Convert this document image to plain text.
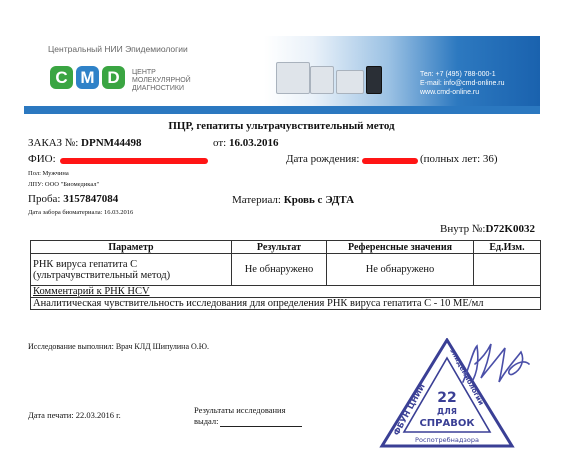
Центральный НИИ Эпидемиологии
C M D	ЦЕНТР
МОЛЕКУЛЯРНОЙ
ДИАГНОСТИКИ
Тел: +7 (495) 788-000-1
E-mail: info@cmd-online.ru
www.cmd-online.ru
ПЦР, гепатиты ультрачувствительный метод
ЗАКАЗ №: DPNM44498	от: 16.03.2016
ФИО:	Дата рождения:	(полных лет: 36)
Пол: Мужчина
ЛПУ: ООО "Биомедикал"
Проба: 3157847084	Материал: Кровь с ЭДТА
Дата забора биоматериала: 16.03.2016
Внутр №:D72K0032
Параметр	Результат	Референсные значения	Ед.Изм.

РНК вируса гепатита С
(ультрачувствительный метод)	Не обнаружено	Не обнаружено	
Комментарий к РНК HCV			
Аналитическая чувствительность исследования для определения РНК вируса гепатита С - 10 МЕ/мл			
Исследование выполнил: Врач КЛД Шипулина О.Ю.
Дата печати: 22.03.2016 г.	Результаты исследования
выдал:
ФБУН ЦНИИ
эпидемиологии
22
ДЛЯ
СПРАВОК
Роспотребнадзора
